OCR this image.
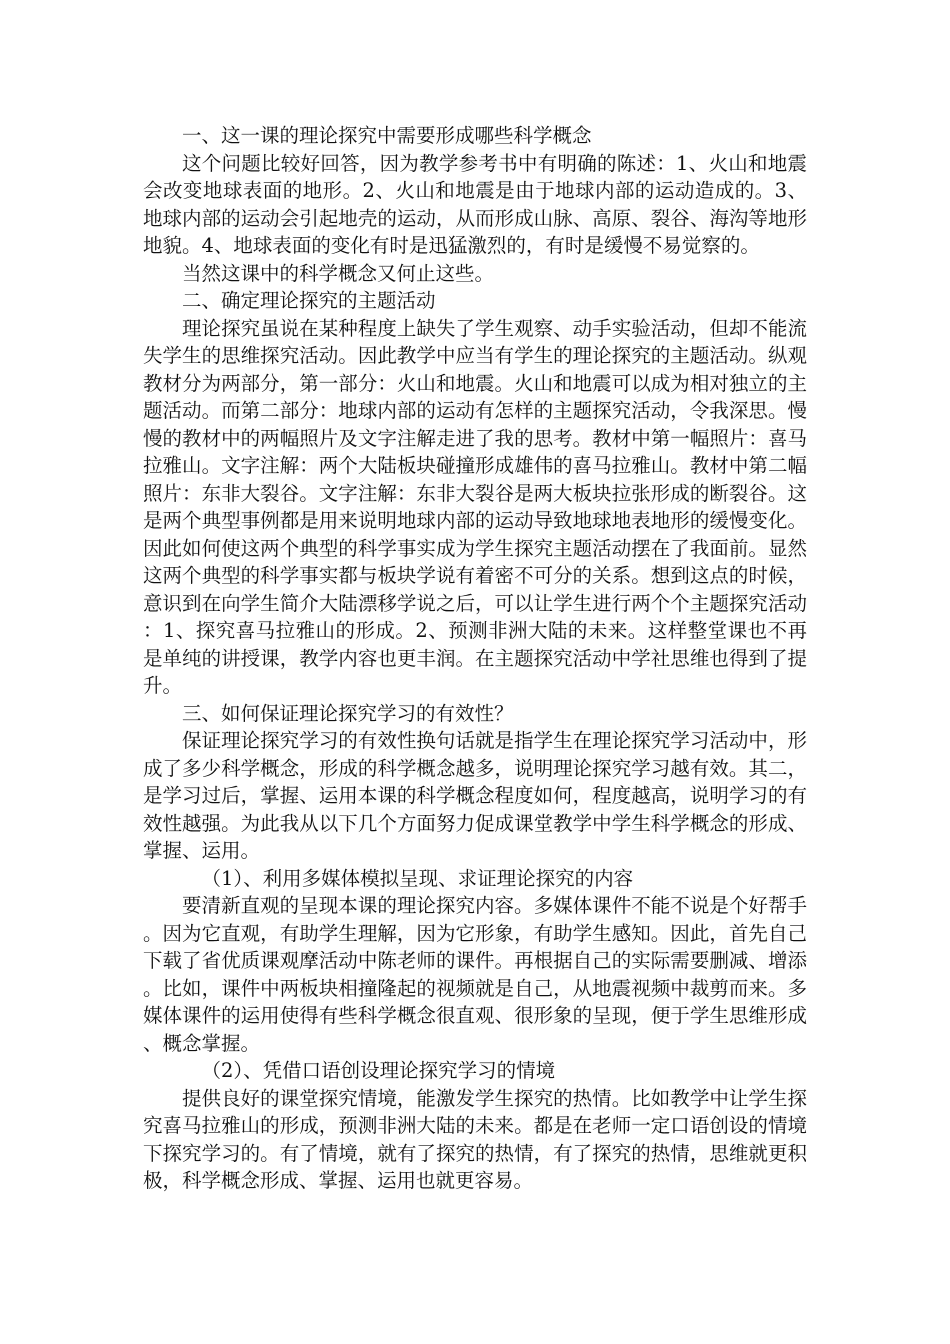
一、这一课的理论探究中需要形成哪些科学概念

这个问题比较好回答，因为教学参考书中有明确的陈述：1、火山和地震会改变地球表面的地形。2、火山和地震是由于地球内部的运动造成的。3、地球内部的运动会引起地壳的运动，从而形成山脉、高原、裂谷、海沟等地形地貌。4、地球表面的变化有时是迅猛激烈的，有时是缓慢不易觉察的。

当然这课中的科学概念又何止这些。

二、确定理论探究的主题活动

理论探究虽说在某种程度上缺失了学生观察、动手实验活动，但却不能流失学生的思维探究活动。因此教学中应当有学生的理论探究的主题活动。纵观教材分为两部分，第一部分：火山和地震。火山和地震可以成为相对独立的主题活动。而第二部分：地球内部的运动有怎样的主题探究活动，令我深思。慢慢的教材中的两幅照片及文字注解走进了我的思考。教材中第一幅照片：喜马拉雅山。文字注解：两个大陆板块碰撞形成雄伟的喜马拉雅山。教材中第二幅照片：东非大裂谷。文字注解：东非大裂谷是两大板块拉张形成的断裂谷。这是两个典型事例都是用来说明地球内部的运动导致地球地表地形的缓慢变化。因此如何使这两个典型的科学事实成为学生探究主题活动摆在了我面前。显然这两个典型的科学事实都与板块学说有着密不可分的关系。想到这点的时候，意识到在向学生简介大陆漂移学说之后，可以让学生进行两个个主题探究活动：1、探究喜马拉雅山的形成。2、预测非洲大陆的未来。这样整堂课也不再是单纯的讲授课，教学内容也更丰润。在主题探究活动中学社思维也得到了提升。

三、如何保证理论探究学习的有效性？

保证理论探究学习的有效性换句话就是指学生在理论探究学习活动中，形成了多少科学概念，形成的科学概念越多，说明理论探究学习越有效。其二，是学习过后，掌握、运用本课的科学概念程度如何，程度越高，说明学习的有效性越强。为此我从以下几个方面努力促成课堂教学中学生科学概念的形成、掌握、运用。

（1）、利用多媒体模拟呈现、求证理论探究的内容

要清新直观的呈现本课的理论探究内容。多媒体课件不能不说是个好帮手。因为它直观，有助学生理解，因为它形象，有助学生感知。因此，首先自己下载了省优质课观摩活动中陈老师的课件。再根据自己的实际需要删减、增添。比如，课件中两板块相撞隆起的视频就是自己，从地震视频中裁剪而来。多媒体课件的运用使得有些科学概念很直观、很形象的呈现，便于学生思维形成、概念掌握。

（2）、凭借口语创设理论探究学习的情境

提供良好的课堂探究情境，能激发学生探究的热情。比如教学中让学生探究喜马拉雅山的形成，预测非洲大陆的未来。都是在老师一定口语创设的情境下探究学习的。有了情境，就有了探究的热情，有了探究的热情，思维就更积极，科学概念形成、掌握、运用也就更容易。
